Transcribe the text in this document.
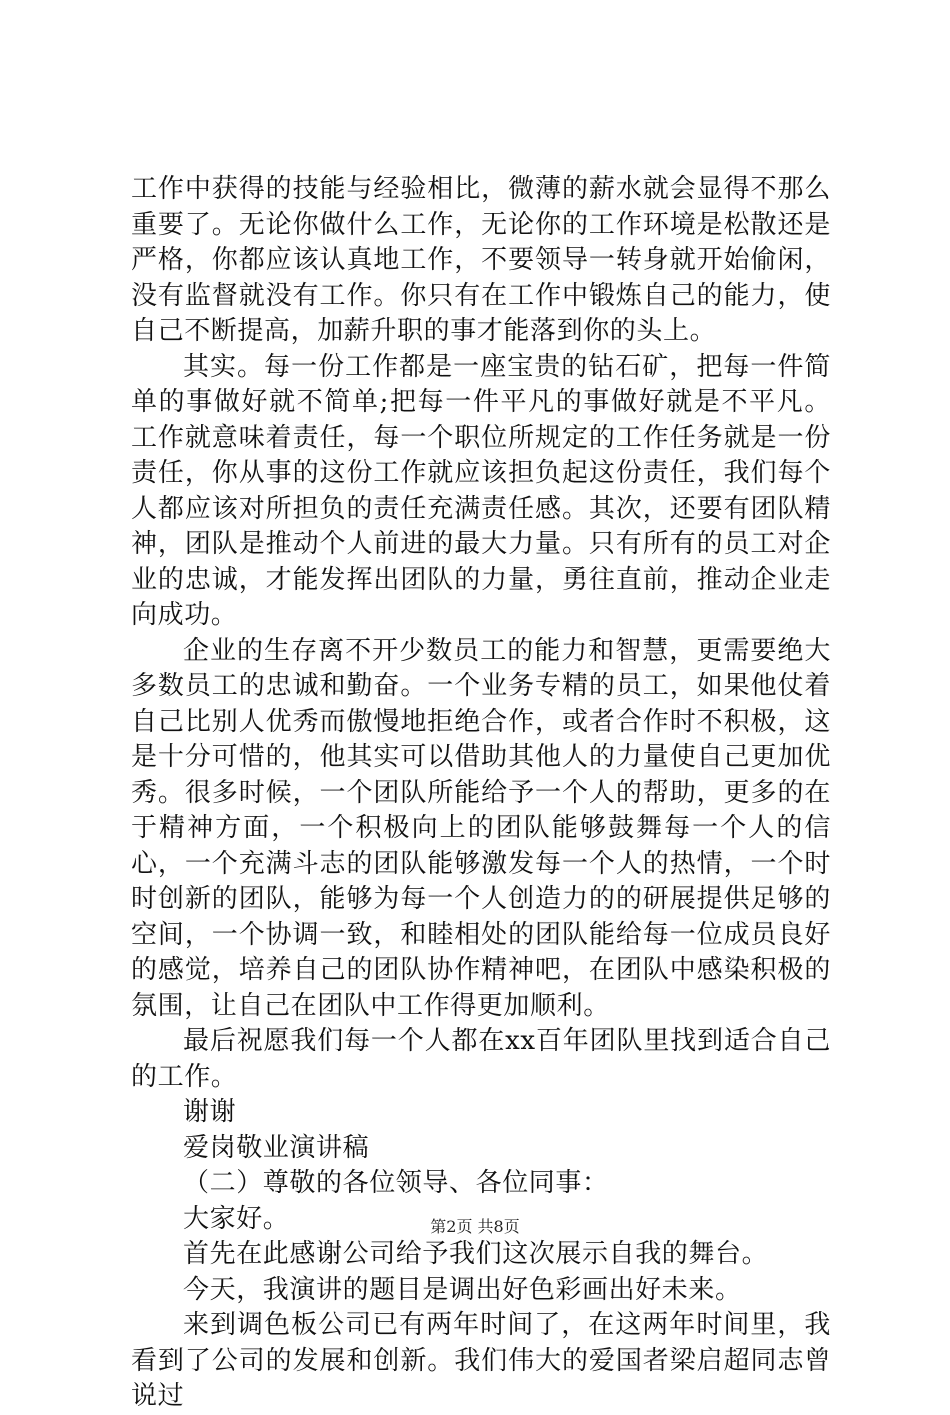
工作中获得的技能与经验相比，微薄的薪水就会显得不那么重要了。无论你做什么工作，无论你的工作环境是松散还是严格，你都应该认真地工作，不要领导一转身就开始偷闲，没有监督就没有工作。你只有在工作中锻炼自己的能力，使自己不断提高，加薪升职的事才能落到你的头上。

其实。每一份工作都是一座宝贵的钻石矿，把每一件简单的事做好就不简单;把每一件平凡的事做好就是不平凡。工作就意味着责任，每一个职位所规定的工作任务就是一份责任，你从事的这份工作就应该担负起这份责任，我们每个人都应该对所担负的责任充满责任感。其次，还要有团队精神，团队是推动个人前进的最大力量。只有所有的员工对企业的忠诚，才能发挥出团队的力量，勇往直前，推动企业走向成功。

企业的生存离不开少数员工的能力和智慧，更需要绝大多数员工的忠诚和勤奋。一个业务专精的员工，如果他仗着自己比别人优秀而傲慢地拒绝合作，或者合作时不积极，这是十分可惜的，他其实可以借助其他人的力量使自己更加优秀。很多时候，一个团队所能给予一个人的帮助，更多的在于精神方面，一个积极向上的团队能够鼓舞每一个人的信心，一个充满斗志的团队能够激发每一个人的热情，一个时时创新的团队，能够为每一个人创造力的的研展提供足够的空间，一个协调一致，和睦相处的团队能给每一位成员良好的感觉，培养自己的团队协作精神吧，在团队中感染积极的氛围，让自己在团队中工作得更加顺利。

最后祝愿我们每一个人都在xx百年团队里找到适合自己的工作。

谢谢

爱岗敬业演讲稿

（二）尊敬的各位领导、各位同事：

大家好。

首先在此感谢公司给予我们这次展示自我的舞台。

今天，我演讲的题目是调出好色彩画出好未来。

来到调色板公司已有两年时间了，在这两年时间里，我看到了公司的发展和创新。我们伟大的爱国者梁启超同志曾说过

第2页 共8页
